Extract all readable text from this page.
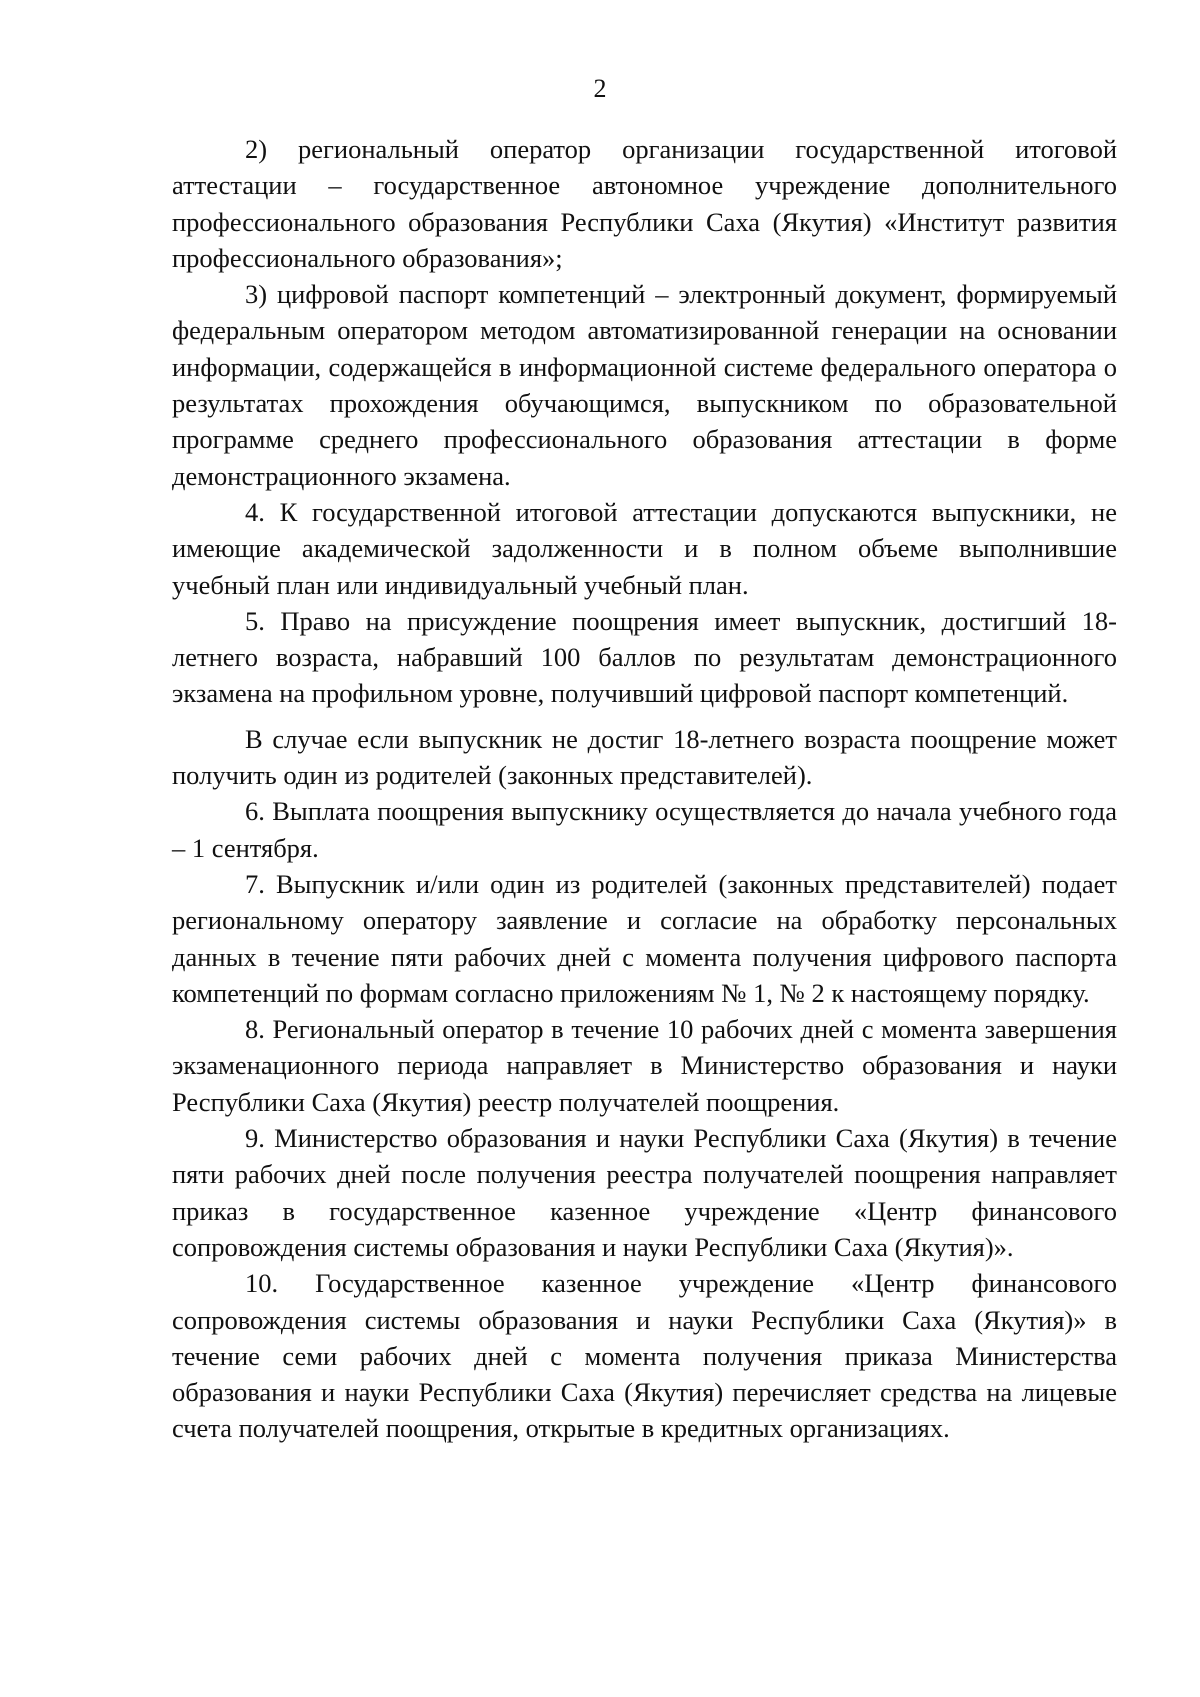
2

2) региональный оператор организации государственной итоговой аттестации – государственное автономное учреждение дополнительного профессионального образования Республики Саха (Якутия) «Институт развития профессионального образования»;

3) цифровой паспорт компетенций – электронный документ, формируемый федеральным оператором методом автоматизированной генерации на основании информации, содержащейся в информационной системе федерального оператора о результатах прохождения обучающимся, выпускником по образовательной программе среднего профессионального образования аттестации в форме демонстрационного экзамена.

4. К государственной итоговой аттестации допускаются выпускники, не имеющие академической задолженности и в полном объеме выполнившие учебный план или индивидуальный учебный план.

5. Право на присуждение поощрения имеет выпускник, достигший 18-летнего возраста, набравший 100 баллов по результатам демонстрационного экзамена на профильном уровне, получивший цифровой паспорт компетенций.

В случае если выпускник не достиг 18-летнего возраста поощрение может получить один из родителей (законных представителей).

6. Выплата поощрения выпускнику осуществляется до начала учебного года – 1 сентября.

7. Выпускник и/или один из родителей (законных представителей) подает региональному оператору заявление и согласие на обработку персональных данных в течение пяти рабочих дней с момента получения цифрового паспорта компетенций по формам согласно приложениям № 1, № 2 к настоящему порядку.

8. Региональный оператор в течение 10 рабочих дней с момента завершения экзаменационного периода направляет в Министерство образования и науки Республики Саха (Якутия) реестр получателей поощрения.

9. Министерство образования и науки Республики Саха (Якутия) в течение пяти рабочих дней после получения реестра получателей поощрения направляет приказ в государственное казенное учреждение «Центр финансового сопровождения системы образования и науки Республики Саха (Якутия)».

10. Государственное казенное учреждение «Центр финансового сопровождения системы образования и науки Республики Саха (Якутия)» в течение семи рабочих дней с момента получения приказа Министерства образования и науки Республики Саха (Якутия) перечисляет средства на лицевые счета получателей поощрения, открытые в кредитных организациях.
